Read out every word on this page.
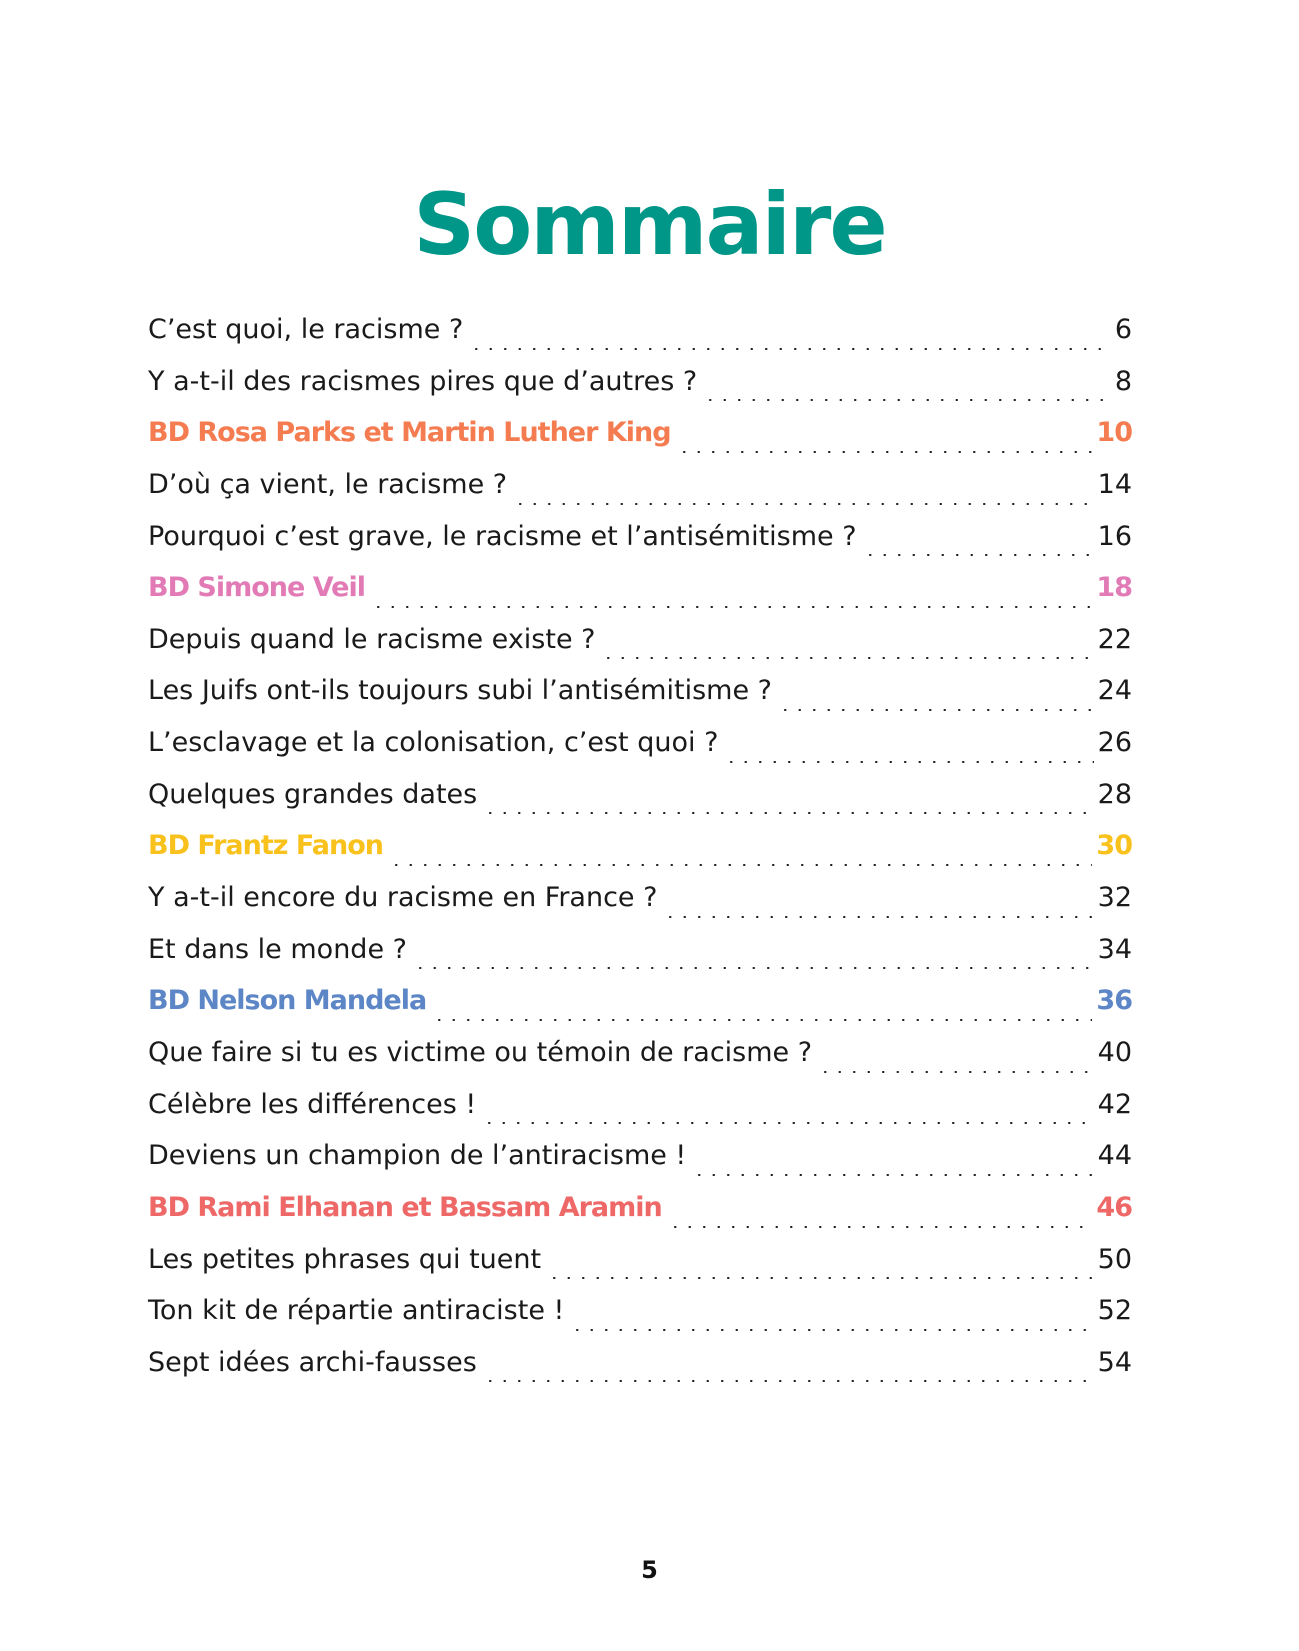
Sommaire
C’est quoi, le racisme ?	6
Y a-t-il des racismes pires que d’autres ?	8
BD Rosa Parks et Martin Luther King	10
D’où ça vient, le racisme ?	14
Pourquoi c’est grave, le racisme et l’antisémitisme ?	16
BD Simone Veil	18
Depuis quand le racisme existe ?	22
Les Juifs ont-ils toujours subi l’antisémitisme ?	24
L’esclavage et la colonisation, c’est quoi ?	26
Quelques grandes dates	28
BD Frantz Fanon	30
Y a-t-il encore du racisme en France ?	32
Et dans le monde ?	34
BD Nelson Mandela	36
Que faire si tu es victime ou témoin de racisme ?	40
Célèbre les différences !	42
Deviens un champion de l’antiracisme !	44
BD Rami Elhanan et Bassam Aramin	46
Les petites phrases qui tuent	50
Ton kit de répartie antiraciste !	52
Sept idées archi-fausses	54
5
